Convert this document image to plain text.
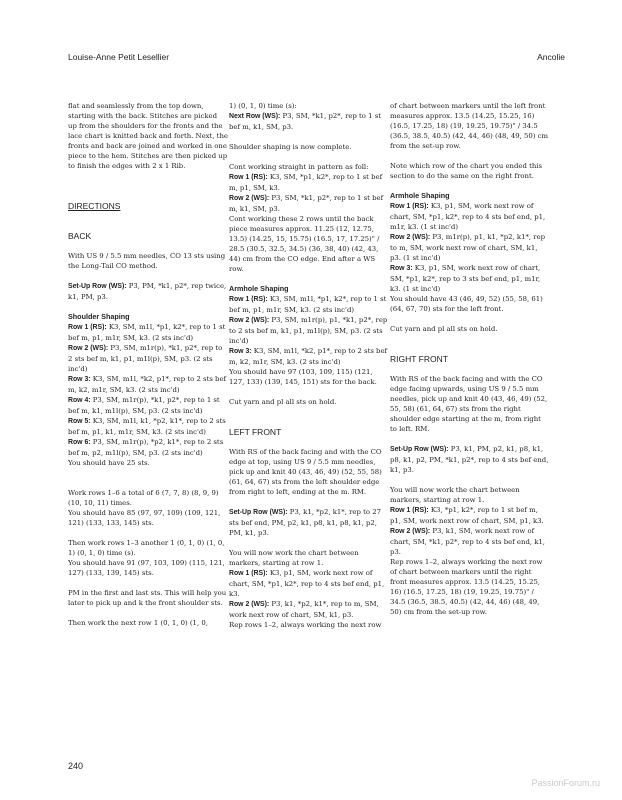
Louise-Anne Petit Lesellier	Ancolie

flat and seamlessly from the top down, starting with the back. Stitches are picked up from the shoulders for the fronts and the lace chart is knitted back and forth. Next, the fronts and back are joined and worked in one piece to the hem. Stitches are then picked up to finish the edges with 2 x 1 Rib.

DIRECTIONS

BACK

With US 9 / 5.5 mm needles, CO 13 sts using the Long-Tail CO method.

Set-Up Row (WS): P3, PM, *k1, p2*, rep twice, k1, PM, p3.

Shoulder Shaping

Row 1 (RS): K3, SM, m1l, *p1, k2*, rep to 1 st bef m, p1, m1r, SM, k3. (2 sts inc'd)

Row 2 (WS): P3, SM, m1r(p), *k1, p2*, rep to 2 sts bef m, k1, p1, m1l(p), SM, p3. (2 sts inc'd)

Row 3: K3, SM, m1l, *k2, p1*, rep to 2 sts bef m, k2, m1r, SM, k3. (2 sts inc'd)

Row 4: P3, SM, m1r(p), *k1, p2*, rep to 1 st bef m, k1, m1l(p), SM, p3. (2 sts inc'd)

Row 5: K3, SM, m1l, k1, *p2, k1*, rep to 2 sts bef m, p1, k1, m1r, SM, k3. (2 sts inc'd)

Row 6: P3, SM, m1r(p), *p2, k1*, rep to 2 sts bef m, p2, m1l(p), SM, p3. (2 sts inc'd)

You should have 25 sts.

Work rows 1–6 a total of 6 (7, 7, 8) (8, 9, 9) (10, 10, 11) times.

You should have 85 (97, 97, 109) (109, 121, 121) (133, 133, 145) sts.

Then work rows 1–3 another 1 (0, 1, 0) (1, 0, 1) (0, 1, 0) time (s).

You should have 91 (97, 103, 109) (115, 121, 127) (133, 139, 145) sts.

PM in the first and last sts. This will help you later to pick up and k the front shoulder sts.

Then work the next row 1 (0, 1, 0) (1, 0,

1) (0, 1, 0) time (s):

Next Row (WS): P3, SM, *k1, p2*, rep to 1 st bef m, k1, SM, p3.

Shoulder shaping is now complete.

Cont working straight in pattern as foll:

Row 1 (RS): K3, SM, *p1, k2*, rep to 1 st bef m, p1, SM, k3.

Row 2 (WS): P3, SM, *k1, p2*, rep to 1 st bef m, k1, SM, p3.

Cont working these 2 rows until the back piece measures approx. 11.25 (12, 12.75, 13.5) (14.25, 15, 15.75) (16.5, 17, 17.25)" / 28.5 (30.5, 32.5, 34.5) (36, 38, 40) (42, 43, 44) cm from the CO edge. End after a WS row.

Armhole Shaping

Row 1 (RS): K3, SM, m1l, *p1, k2*, rep to 1 st bef m, p1, m1r, SM, k3. (2 sts inc'd)

Row 2 (WS): P3, SM, m1r(p), p1, *k1, p2*, rep to 2 sts bef m, k1, p1, m1l(p), SM, p3. (2 sts inc'd)

Row 3: K3, SM, m1l, *k2, p1*, rep to 2 sts bef m, k2, m1r, SM, k3. (2 sts inc'd)

You should have 97 (103, 109, 115) (121, 127, 133) (139, 145, 151) sts for the back.

Cut yarn and pl all sts on hold.

LEFT FRONT

With RS of the back facing and with the CO edge at top, using US 9 / 5.5 mm needles, pick up and knit 40 (43, 46, 49) (52, 55, 58) (61, 64, 67) sts from the left shoulder edge from right to left, ending at the m. RM.

Set-Up Row (WS): P3, k1, *p2, k1*, rep to 27 sts bef end, PM, p2, k1, p8, k1, p8, k1, p2, PM, k1, p3.

You will now work the chart between markers, starting at row 1.

Row 1 (RS): K3, p1, SM, work next row of chart, SM, *p1, k2*, rep to 4 sts bef end, p1, k3.

Row 2 (WS): P3, k1, *p2, k1*, rep to m, SM, work next row of chart, SM, k1, p3.

Rep rows 1–2, always working the next row

of chart between markers until the left front measures approx. 13.5 (14.25, 15.25, 16) (16.5, 17.25, 18) (19, 19.25, 19.75)" / 34.5 (36.5, 38.5, 40.5) (42, 44, 46) (48, 49, 50) cm from the set-up row.

Note which row of the chart you ended this section to do the same on the right front.

Armhole Shaping

Row 1 (RS): K3, p1, SM, work next row of chart, SM, *p1, k2*, rep to 4 sts bef end, p1, m1r, k3. (1 st inc'd)

Row 2 (WS): P3, m1r(p), p1, k1, *p2, k1*, rep to m, SM, work next row of chart, SM, k1, p3. (1 st inc'd)

Row 3: K3, p1, SM, work next row of chart, SM, *p1, k2*, rep to 3 sts bef end, p1, m1r, k3. (1 st inc'd)

You should have 43 (46, 49, 52) (55, 58, 61) (64, 67, 70) sts for the left front.

Cut yarn and pl all sts on hold.

RIGHT FRONT

With RS of the back facing and with the CO edge facing upwards, using US 9 / 5.5 mm needles, pick up and knit 40 (43, 46, 49) (52, 55, 58) (61, 64, 67) sts from the right shoulder edge starting at the m, from right to left. RM.

Set-Up Row (WS): P3, k1, PM, p2, k1, p8, k1, p8, k1, p2, PM, *k1, p2*, rep to 4 sts bef end, k1, p3.

You will now work the chart between markers, starting at row 1.

Row 1 (RS): K3, *p1, k2*, rep to 1 st bef m, p1, SM, work next row of chart, SM, p1, k3.

Row 2 (WS): P3, k1, SM, work next row of chart, SM, *k1, p2*, rep to 4 sts bef end, k1, p3.

Rep rows 1–2, always working the next row of chart between markers until the right front measures approx. 13.5 (14.25, 15.25, 16) (16.5, 17.25, 18) (19, 19.25, 19.75)" / 34.5 (36.5, 38.5, 40.5) (42, 44, 46) (48, 49, 50) cm from the set-up row.

240
PassionForum.ru
